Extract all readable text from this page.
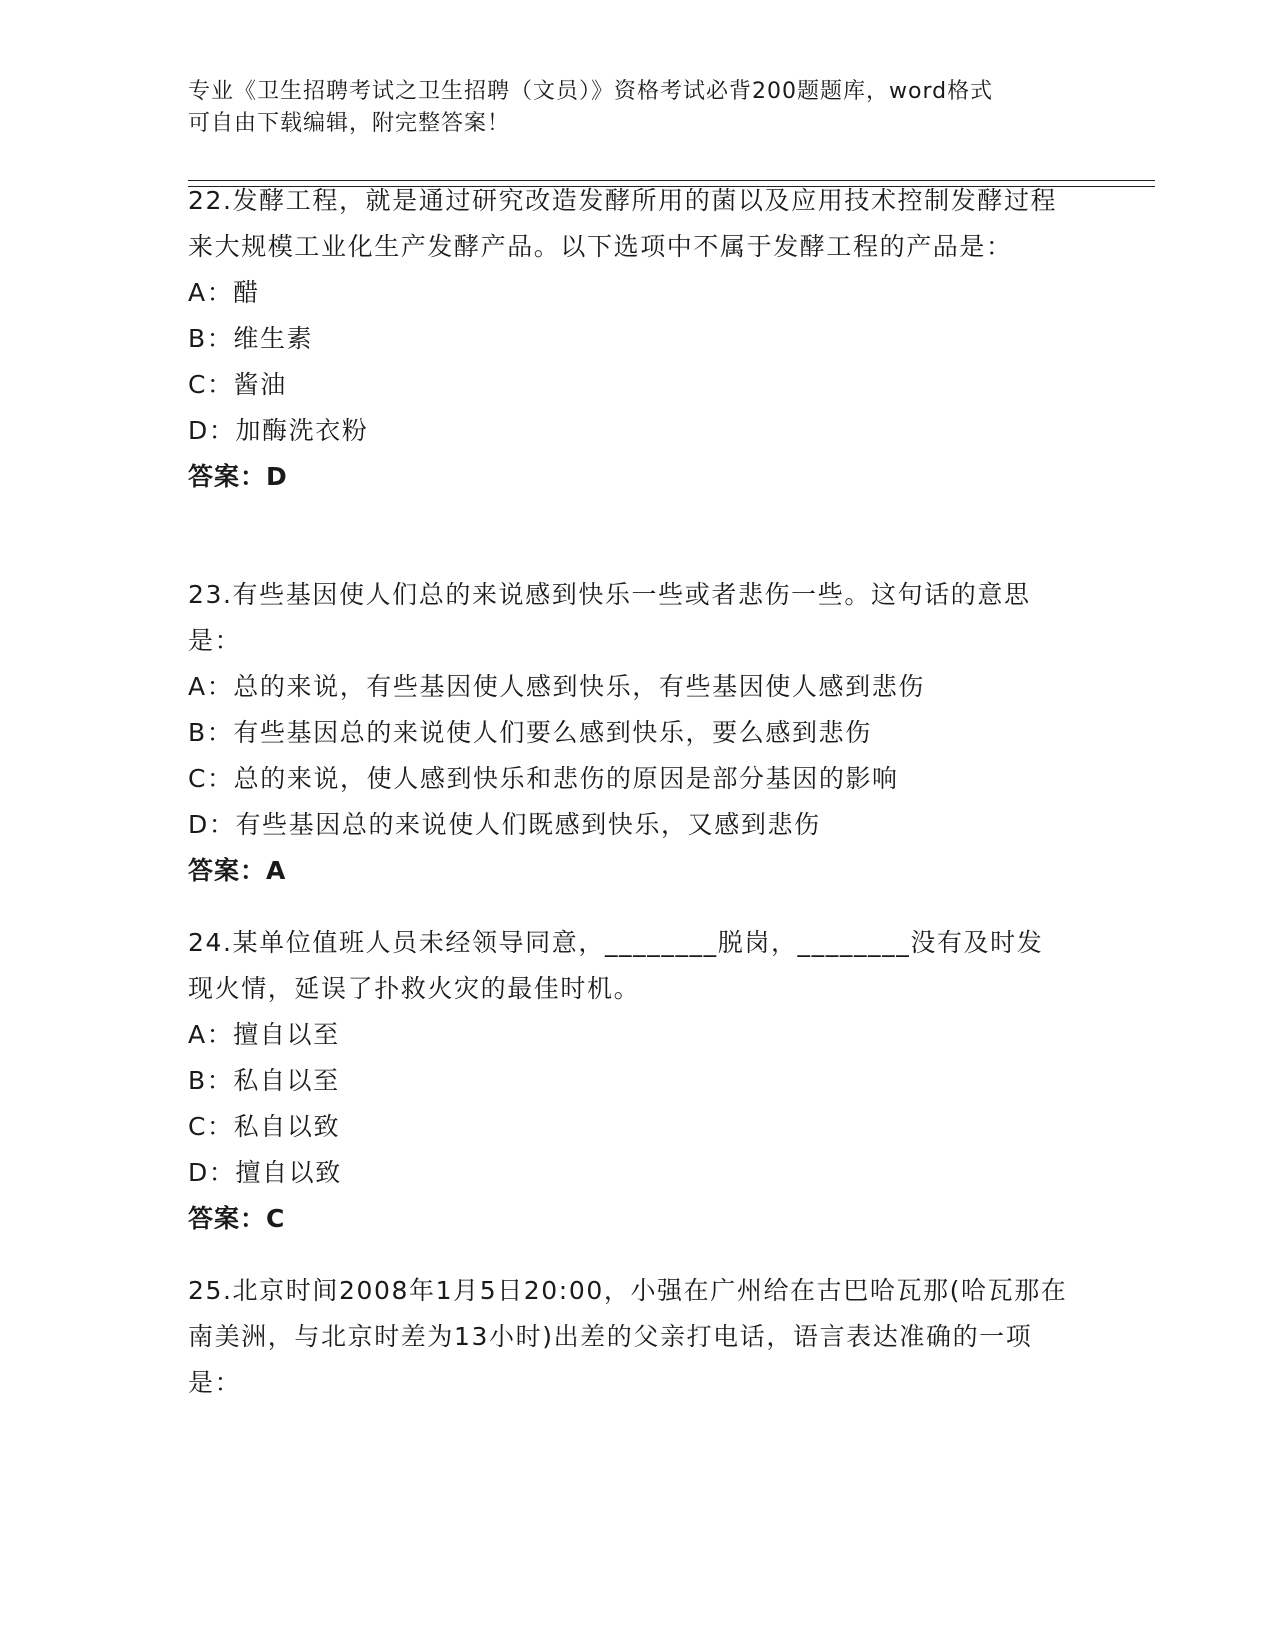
专业《卫生招聘考试之卫生招聘（文员）》资格考试必背200题题库，word格式
可自由下载编辑，附完整答案！
22.发酵工程，就是通过研究改造发酵所用的菌以及应用技术控制发酵过程来大规模工业化生产发酵产品。以下选项中不属于发酵工程的产品是：
A：醋
B：维生素
C：酱油
D：加酶洗衣粉
答案：D
23.有些基因使人们总的来说感到快乐一些或者悲伤一些。这句话的意思是：
A：总的来说，有些基因使人感到快乐，有些基因使人感到悲伤
B：有些基因总的来说使人们要么感到快乐，要么感到悲伤
C：总的来说，使人感到快乐和悲伤的原因是部分基因的影响
D：有些基因总的来说使人们既感到快乐，又感到悲伤
答案：A
24.某单位值班人员未经领导同意，________脱岗，________没有及时发现火情，延误了扑救火灾的最佳时机。
A：擅自以至
B：私自以至
C：私自以致
D：擅自以致
答案：C
25.北京时间2008年1月5日20:00，小强在广州给在古巴哈瓦那(哈瓦那在南美洲，与北京时差为13小时)出差的父亲打电话，语言表达准确的一项是：
